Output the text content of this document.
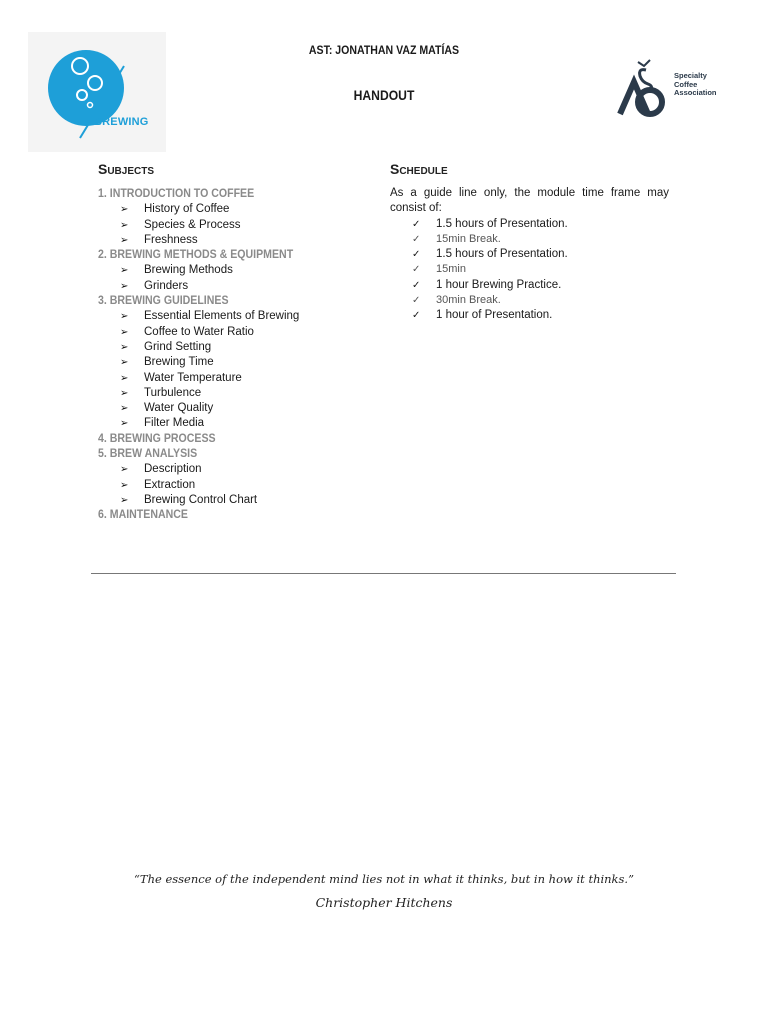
BREWING
AST: JONATHAN VAZ MATÍAS
HANDOUT
Specialty
Coffee
Association
Subjects	Schedule
1. INTRODUCTION TO COFFEE
➢ History of Coffee
➢ Species & Process
➢ Freshness
2. BREWING METHODS & EQUIPMENT
➢ Brewing Methods
➢ Grinders
3. BREWING GUIDELINES
➢ Essential Elements of Brewing
➢ Coffee to Water Ratio
➢ Grind Setting
➢ Brewing Time
➢ Water Temperature
➢ Turbulence
➢ Water Quality
➢ Filter Media
4. BREWING PROCESS
5. BREW ANALYSIS
➢ Description
➢ Extraction
➢ Brewing Control Chart
6. MAINTENANCE
As a guide line only, the module time frame may consist of:
✓ 1.5 hours of Presentation.
✓ 15min Break.
✓ 1.5 hours of Presentation.
✓ 15min
✓ 1 hour Brewing Practice.
✓ 30min Break.
✓ 1 hour of Presentation.
“The essence of the independent mind lies not in what it thinks, but in how it thinks.”
Christopher Hitchens
